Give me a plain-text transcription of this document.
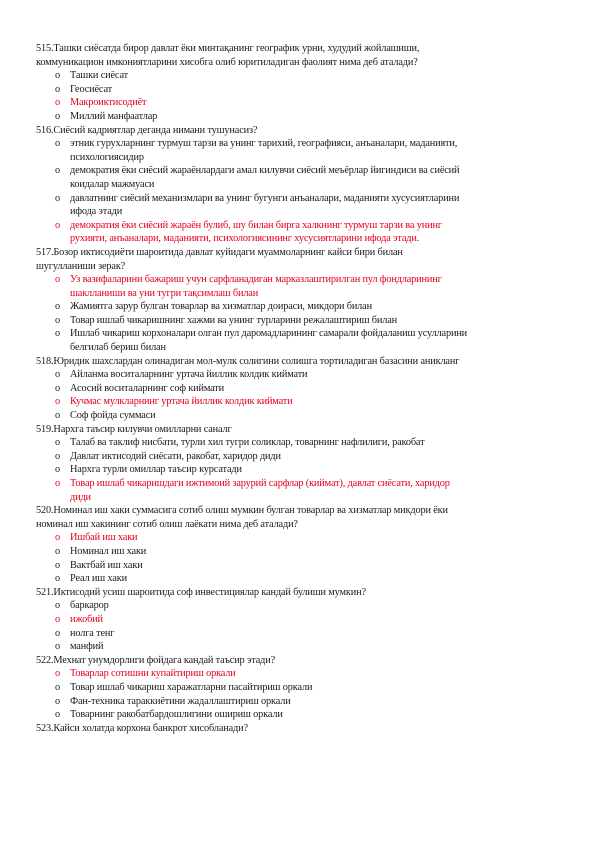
515.Ташки сиёсатда бирор давлат ёки минтақанинг географик урни, худудий жойлашиши,
коммуникацион имкониятларини хисобга олиб юритиладиган фаолият нима деб аталади?
o Ташки сиёсат
o Геосиёсат
o Макроиктисодиёт
o Миллий манфаатлар
516.Сиёсий кадриятлар деганда нимани тушунасиз?
o этник гурухларнинг турмуш тарзи ва унинг тарихий, географияси, анъаналари, маданияти,
психологиясидир
o демократия ёки сиёсий жараёнлардаги амал килувчи сиёсий меъёрлар йигиндиси ва сиёсий
коидалар мажмуаси
o давлатнинг сиёсий механизмлари ва унинг бугунги анъаналари, маданияти хусусиятларини
ифода этади
o демократия ёки сиёсий жараён булиб, шу билан бирга халкнинг турмуш тарзи ва унинг
рухияти, анъаналари, маданияти, психологиясининг хусусиятларини ифода этади.
517.Бозор иктисодиёти шароитида давлат куйидаги муаммоларнинг кайси бири билан
шугулланиши зерак?
o Уз вазифаларини бажариш учун сарфланадиган марказлаштирилган пул фондларининг
шаклланиши ва уни тугри тақсимлаш билан
o Жамиятга зарур булган товарлар ва хизматлар доираси, микдори билан
o Товар ишлаб чикаришнинг хажми ва унинг турларини режалаштириш билан
o Ишлаб чикариш корхоналари олган пул даромадларининг самарали фойдаланиш усулларини
белгилаб бериш билан
518.Юридик шахслардан олинадиган мол-мулк солигини солишга тортиладиган базасини аникланг
o Айланма воситаларнинг уртача йиллик колдик киймати
o Асосий воситаларнинг соф киймати
o Кучмас мулкларнинг уртача йиллик колдик киймати
o Соф фойда суммаси
519.Нархга таъсир килувчи омилларни саналг
o Талаб ва таклиф нисбати, турли хил тугри соликлар, товарнинг нафлилиги, ракобат
o Давлат иктисодий сиёсати, ракобат, харидор диди
o Нархга турли омиллар таъсир курсатади
o Товар ишлаб чикаришдаги ижтимоий зарурий сарфлар (киймат), давлат сиёсати, харидор
диди
520.Номинал иш хаки суммасига сотиб олиш мумкин булган товарлар ва хизматлар микдори ёки
номинал иш хакининг сотиб олиш лаёкати нима деб аталади?
o Ишбай иш хаки
o Номинал иш хаки
o Вактбай иш хаки
o Реал иш хаки
521.Иктисодий усиш шароитида соф инвестициялар кандай булиши мумкин?
o баркарор
o ижобий
o нолга тенг
o манфий
522.Мехнат унумдорлиги фойдага кандай таъсир этади?
o Товарлар сотишни купайтириш оркали
o Товар ишлаб чикариш харажатларни пасайтириш оркали
o Фан-техника тараккиётини жадаллаштириш оркали
o Товарнинг ракобатбардошлигини ошириш оркали
523.Кайси холатда корхона банкрот хисобланади?
